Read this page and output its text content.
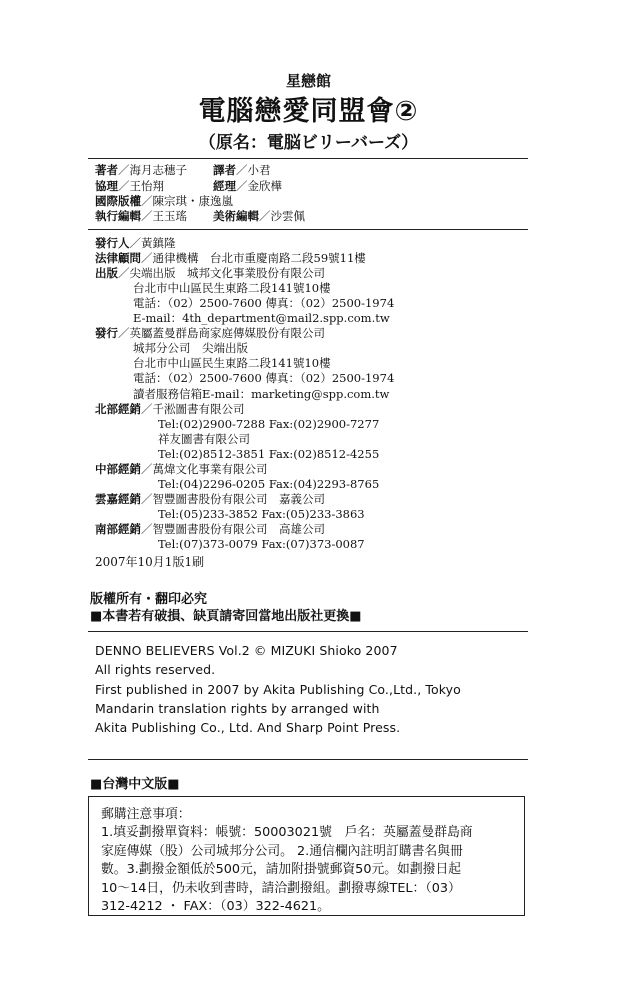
星戀館
電腦戀愛同盟會②
（原名：電脳ビリーバーズ）
著者／海月志穗子 譯者／小君
協理／王怡翔	經理／金欣樺
國際版權／陳宗琪・康逸嵐
執行編輯／王玉瑤 美術編輯／沙雲佩
發行人／黃鎮隆
法律顧問／通律機構　台北市重慶南路二段59號11樓
出版／尖端出版　城邦文化事業股份有限公司
台北市中山區民生東路二段141號10樓
電話：（02）2500-7600 傳真：（02）2500-1974
E-mail：4th_department@mail2.spp.com.tw
發行／英屬蓋曼群島商家庭傳媒股份有限公司
城邦分公司　尖端出版
台北市中山區民生東路二段141號10樓
電話：（02）2500-7600 傳真：（02）2500-1974
讀者服務信箱E-mail：marketing@spp.com.tw
北部經銷／千淞圖書有限公司
Tel:(02)2900-7288 Fax:(02)2900-7277
祥友圖書有限公司
Tel:(02)8512-3851 Fax:(02)8512-4255
中部經銷／萬煒文化事業有限公司
Tel:(04)2296-0205 Fax:(04)2293-8765
雲嘉經銷／智豐圖書股份有限公司　嘉義公司
Tel:(05)233-3852 Fax:(05)233-3863
南部經銷／智豐圖書股份有限公司　高雄公司
Tel:(07)373-0079 Fax:(07)373-0087
2007年10月1版1刷
版權所有・翻印必究
■本書若有破損、缺頁請寄回當地出版社更換■
DENNO BELIEVERS Vol.2 © MIZUKI Shioko 2007
All rights reserved.
First published in 2007 by Akita Publishing Co.,Ltd., Tokyo
Mandarin translation rights by arranged with
Akita Publishing Co., Ltd. And Sharp Point Press.
■台灣中文版■
郵購注意事項：
1.填妥劃撥單資料：帳號：50003021號　戶名：英屬蓋曼群島商
家庭傳媒（股）公司城邦分公司。 2.通信欄內註明訂購書名與冊
數。3.劃撥金額低於500元，請加附掛號郵資50元。如劃撥日起
10～14日，仍未收到書時，請洽劃撥組。劃撥專線TEL：（03）
312-4212 ・ FAX：（03）322-4621。
